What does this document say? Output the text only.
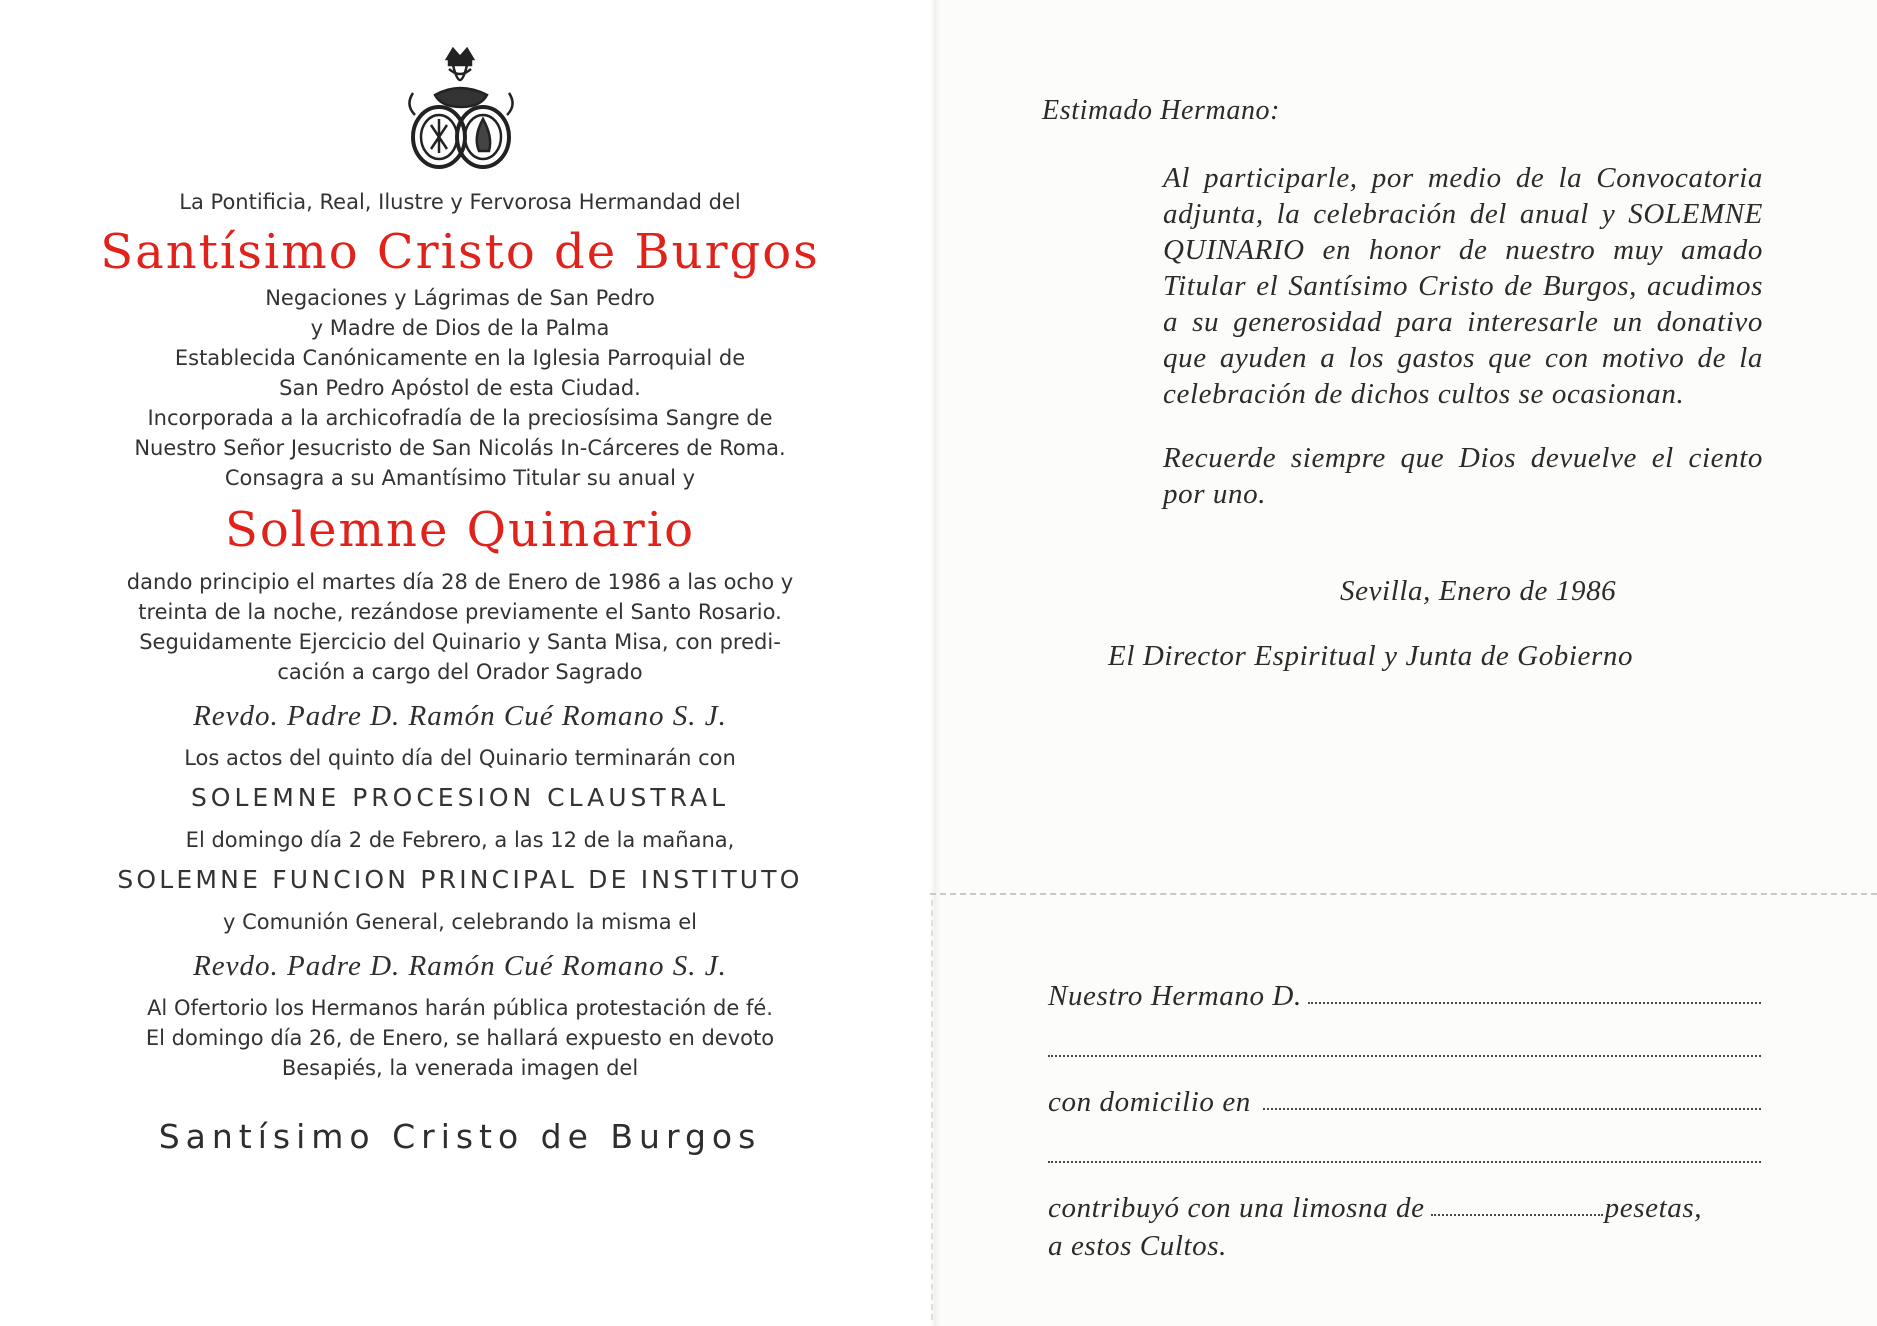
La Pontificia, Real, Ilustre y Fervorosa Hermandad del
Santísimo Cristo de Burgos
Negaciones y Lágrimas de San Pedro
y Madre de Dios de la Palma
Establecida Canónicamente en la Iglesia Parroquial de
San Pedro Apóstol de esta Ciudad.
Incorporada a la archicofradía de la preciosísima Sangre de
Nuestro Señor Jesucristo de San Nicolás In-Cárceres de Roma.
Consagra a su Amantísimo Titular su anual y
Solemne Quinario
dando principio el martes día 28 de Enero de 1986 a las ocho y
treinta de la noche, rezándose previamente el Santo Rosario.
Seguidamente Ejercicio del Quinario y Santa Misa, con predi-
cación a cargo del Orador Sagrado
Revdo. Padre D. Ramón Cué Romano S. J.
Los actos del quinto día del Quinario terminarán con
SOLEMNE PROCESION CLAUSTRAL
El domingo día 2 de Febrero, a las 12 de la mañana,
SOLEMNE FUNCION PRINCIPAL DE INSTITUTO
y Comunión General, celebrando la misma el
Revdo. Padre D. Ramón Cué Romano S. J.
Al Ofertorio los Hermanos harán pública protestación de fé.
El domingo día 26, de Enero, se hallará expuesto en devoto
Besapiés, la venerada imagen del
Santísimo Cristo de Burgos
Estimado Hermano:

Al participarle, por medio de la Convocatoria adjunta, la celebración del anual y SOLEMNE QUINARIO en honor de nuestro muy amado Titular el Santísimo Cristo de Burgos, acudimos a su generosidad para interesarle un donativo que ayuden a los gastos que con motivo de la celebración de dichos cultos se ocasionan.

Recuerde siempre que Dios devuelve el ciento por uno.

Sevilla, Enero de 1986
El Director Espiritual y Junta de Gobierno
Nuestro Hermano D.
con domicilio en
contribuyó con una limosna de	pesetas,
a estos Cultos.
